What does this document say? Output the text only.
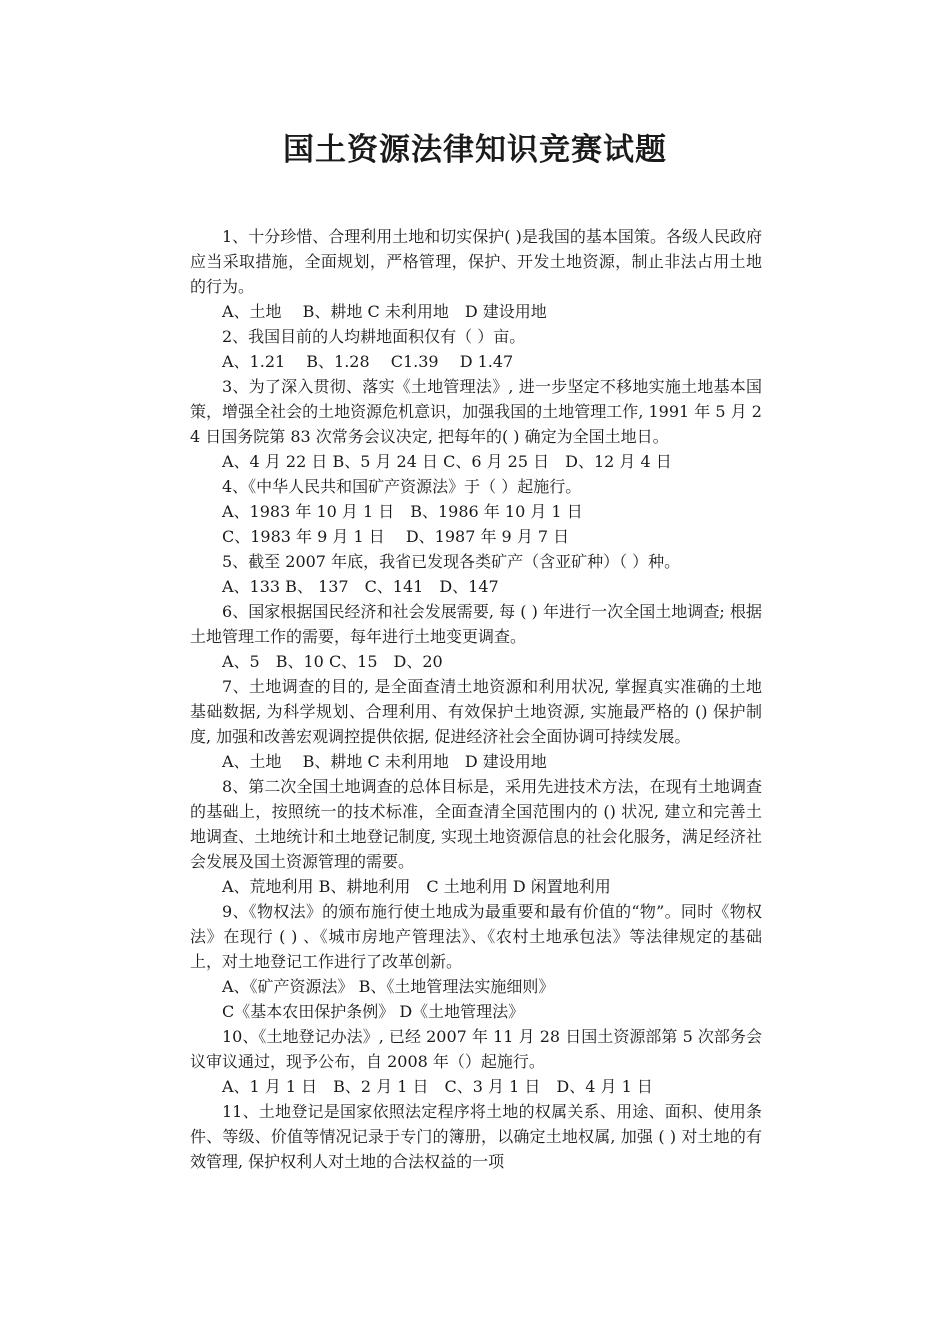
国土资源法律知识竞赛试题

1、十分珍惜、合理利用土地和切实保护( )是我国的基本国策。各级人民政府应当采取措施，全面规划，严格管理，保护、开发土地资源，制止非法占用土地的行为。

A、土地　 B、耕地 C 未利用地　D 建设用地

2、我国目前的人均耕地面积仅有（ ）亩。

A、1.21　 B、1.28　 C1.39　 D 1.47

3、为了深入贯彻、落实《土地管理法》, 进一步坚定不移地实施土地基本国策，增强全社会的土地资源危机意识，加强我国的土地管理工作, 1991 年 5 月 24 日国务院第 83 次常务会议决定, 把每年的( ) 确定为全国土地日。

A、4 月 22 日 B、5 月 24 日 C、6 月 25 日　D、12 月 4 日

4、《中华人民共和国矿产资源法》于（ ）起施行。

A、1983 年 10 月 1 日　B、1986 年 10 月 1 日

C、1983 年 9 月 1 日　 D、1987 年 9 月 7 日

5、截至 2007 年底，我省已发现各类矿产（含亚矿种）（ ）种。

A、133 B、 137　C、141　D、147

6、国家根据国民经济和社会发展需要, 每 ( ) 年进行一次全国土地调查; 根据土地管理工作的需要，每年进行土地变更调查。

A、5　B、10 C、15　D、20

7、土地调查的目的, 是全面查清土地资源和利用状况, 掌握真实准确的土地基础数据, 为科学规划、合理利用、有效保护土地资源, 实施最严格的 () 保护制度, 加强和改善宏观调控提供依据, 促进经济社会全面协调可持续发展。

A、土地　 B、耕地 C 未利用地　D 建设用地

8、第二次全国土地调查的总体目标是，采用先进技术方法，在现有土地调查的基础上，按照统一的技术标准，全面查清全国范围内的 () 状况, 建立和完善土地调查、土地统计和土地登记制度, 实现土地资源信息的社会化服务，满足经济社会发展及国土资源管理的需要。

A、荒地利用 B、耕地利用　C 土地利用 D 闲置地利用

9、《物权法》的颁布施行使土地成为最重要和最有价值的“物”。同时《物权法》在现行 ( ) 、《城市房地产管理法》、《农村土地承包法》等法律规定的基础上，对土地登记工作进行了改革创新。

A、《矿产资源法》 B、《土地管理法实施细则》

C《基本农田保护条例》 D《土地管理法》

10、《土地登记办法》, 已经 2007 年 11 月 28 日国土资源部第 5 次部务会议审议通过，现予公布，自 2008 年（）起施行。

A、1 月 1 日　B、2 月 1 日　C、3 月 1 日　D、4 月 1 日

11、土地登记是国家依照法定程序将土地的权属关系、用途、面积、使用条件、等级、价值等情况记录于专门的簿册，以确定土地权属, 加强 ( ) 对土地的有效管理, 保护权利人对土地的合法权益的一项
